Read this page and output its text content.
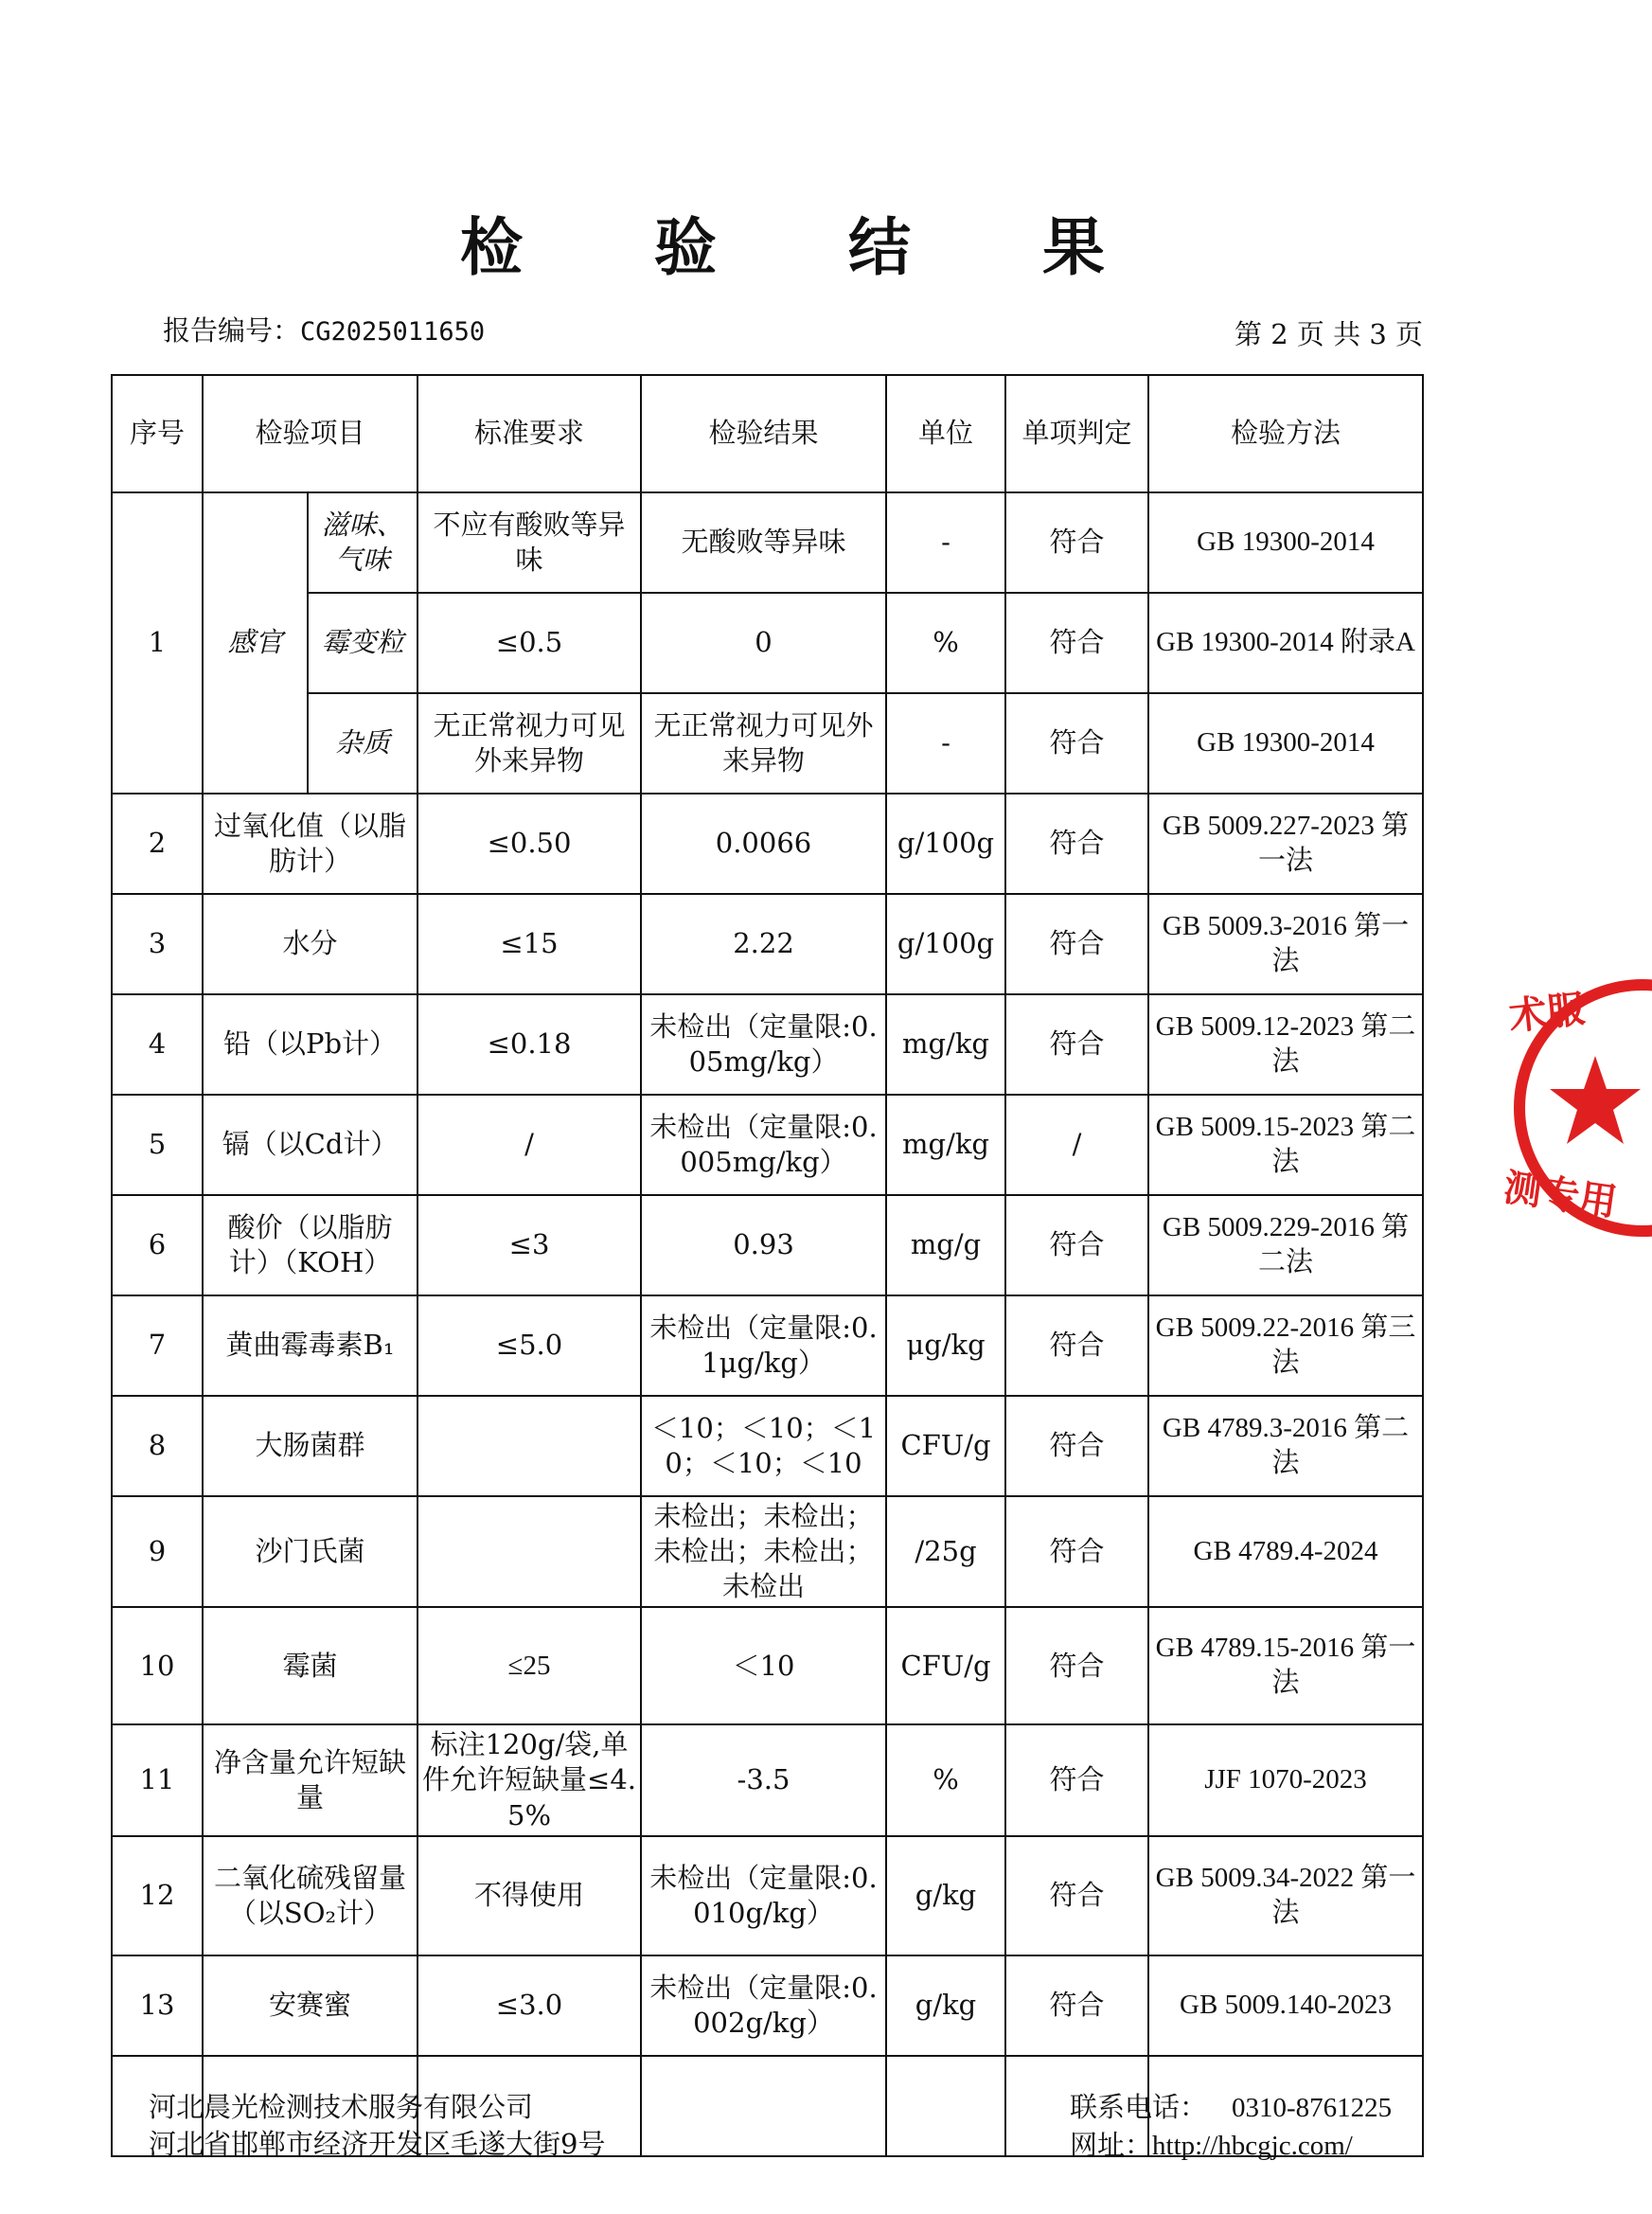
检 验 结 果
报告编号：CG2025011650	第 2 页 共 3 页
序号	检验项目		标准要求	检验结果	单位	单项判定	检验方法
1	感官	滋味、气味	不应有酸败等异味	无酸败等异味	-	符合	GB 19300-2014
		霉变粒	≤0.5	0	%	符合	GB 19300-2014 附录A
		杂质	无正常视力可见外来异物	无正常视力可见外来异物	-	符合	GB 19300-2014
2	过氧化值（以脂肪计）		≤0.50	0.0066	g/100g	符合	GB 5009.227-2023 第一法
3	水分		≤15	2.22	g/100g	符合	GB 5009.3-2016 第一法
4	铅（以Pb计）		≤0.18	未检出（定量限:0.05mg/kg）	mg/kg	符合	GB 5009.12-2023 第二法
5	镉（以Cd计）		/	未检出（定量限:0.005mg/kg）	mg/kg	/	GB 5009.15-2023 第二法
6	酸价（以脂肪计）（KOH）		≤3	0.93	mg/g	符合	GB 5009.229-2016 第二法
7	黄曲霉毒素B₁		≤5.0	未检出（定量限:0.1μg/kg）	μg/kg	符合	GB 5009.22-2016 第三法
8	大肠菌群			＜10；＜10；＜10；＜10；＜10	CFU/g	符合	GB 4789.3-2016 第二法
9	沙门氏菌			未检出；未检出；未检出；未检出；未检出	/25g	符合	GB 4789.4-2024
10	霉菌		≤25	＜10	CFU/g	符合	GB 4789.15-2016 第一法
11	净含量允许短缺量		标注120g/袋,单件允许短缺量≤4.5%	-3.5	%	符合	JJF 1070-2023
12	二氧化硫残留量（以SO₂计）		不得使用	未检出（定量限:0.010g/kg）	g/kg	符合	GB 5009.34-2022 第一法
13	安赛蜜		≤3.0	未检出（定量限:0.002g/kg）	g/kg	符合	GB 5009.140-2023

河北晨光检测技术服务有限公司
河北省邯郸市经济开发区毛遂大街9号
联系电话： 0310-8761225
网址：http://hbcgjc.com/
术服
测专用
